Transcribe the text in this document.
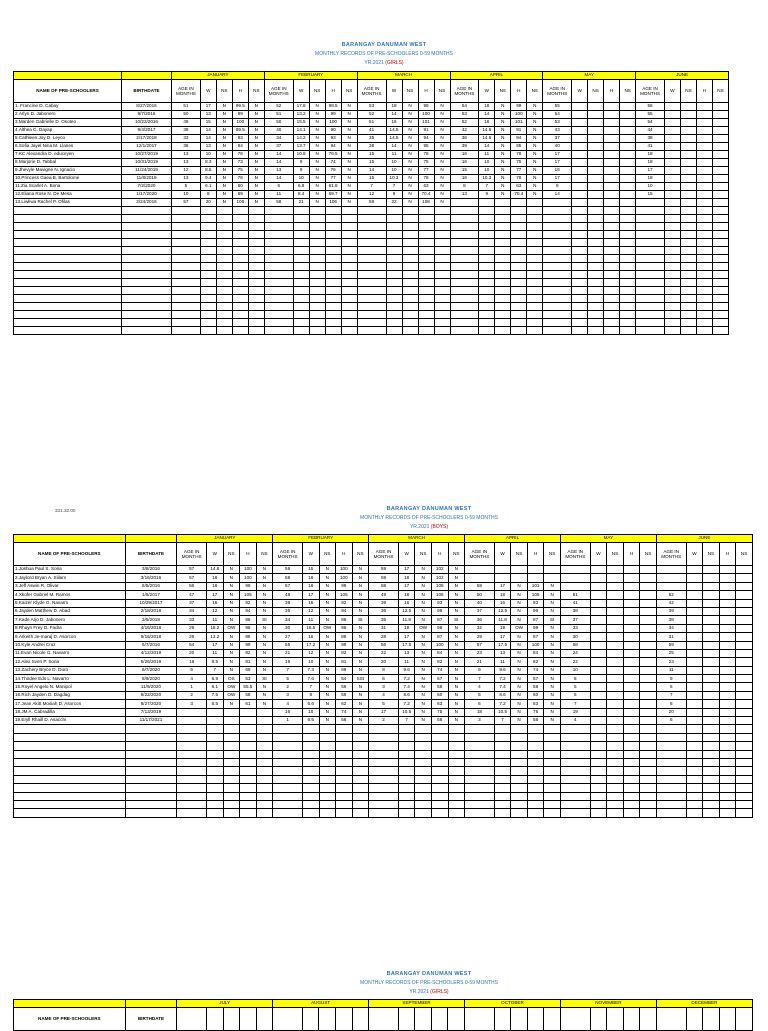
BARANGAY DANUMAN WEST
MONTHLY RECORDS OF PRE-SCHOOLERS 0-59 MONTHS
YR.2021 (GIRLS)
		JANUARY					FEBRUARY					MARCH					APRIL					MAY					JUNE				
NAME OF PRE-SCHOOLERS	BIRTHDATE	AGE IN MONTHS	W	NS	H	NS	AGE IN MONTHS	W	NS	H	NS	AGE IN MONTHS	W	NS	H	NS	AGE IN MONTHS	W	NS	H	NS	AGE IN MONTHS	W	NS	H	NS	AGE IN MONTHS	W	NS	H	NS
1. Francine D. Cabay	8/27/2016	51	17	N	99.5	N	52	17.8	N	98.5	N	53	18	N	99	N	54	18	N	99	N	55					56				
2.Arlyn D. Jabonero	9/7/2016	50	13	N	99	N	51	13.2	N	99	N	52	14	N	100	N	53	14	N	100	N	54					55				
3.Marden Gabrielle D. Osoteo	10/22/2016	49	15	N	100	N	50	15.5	N	100	N	51	16	N	101	N	52	16	N	101	N	53					54				
4.Althea C. Dayap	9/4/2017	39	14	N	89.5	N	40	14.1	N	90	N	41	14.5	N	91	N	42	14.5	N	91	N	43					44				
5.Cathleen Joy D. Leyco	2/17/2018	33	14	N	93	N	34	14.2	N	93	N	35	14.5	N	94	N	36	14.5	N	94	N	37					38				
6.Sofia Jayel Nina M. Llanes	12/1/2017	36	13	N	94	N	37	13.7	N	94	N	38	14	N	95	N	39	14	N	95	N	40					41				
7.KC Alexandra D. educeyen	10/27/2019	13	10	N	76	N	14	10.8	N	76.5	N	15	11	N	78	N	16	11	N	78	N	17					18				
8.Marjorie D. Tabbal	10/31/2019	13	8.3	N	73	N	14	9	N	74	N	15	10	N	75	N	16	10	N	75	N	17					18				
9.Jhevyle Mavigne N. Ignacio	11/24/2019	12	8.5	N	75	N	13	9	N	76	N	14	10	N	77	N	15	10	N	77	N	16					17				
10.Princess Gaea B. Bartolome	11/8/2019	13	9.4	N	76	N	14	10	N	77	N	15	10.3	N	78	N	16	10.3	N	78	N	17					18				
11.Zia Scarlet A. Bona	7/2/2020	5	6.1	N	60	N	6	6.8	N	61.8	N	7	7	N	63	N	8	7	N	63	N	9					10				
12.Eliana Rose N. De Mesa	1/17/2020	10	8	N	69	N	11	8.4	N	69.7	N	12	9	N	70.4	N	13	9	N	70.4	N	14					15				
13.Liwliwa Rachel P. Ofilas	2/24/2016	57	20	N	106	N	58	21	N	106	N	59	22	N	108	N															

331.32.00	BARANGAY DANUMAN WEST
MONTHLY RECORDS OF PRE-SCHOOLERS 0-59 MONTHS
YR.2021 (BOYS)
		JANUARY					FEBRUARY					MARCH					APRIL					MAY					JUNE				
NAME OF PRE-SCHOOLERS	BIRTHDATE	AGE IN MONTHS	W	NS	H	NS	AGE IN MONTHS	W	NS	H	NS	AGE IN MONTHS	W	NS	H	NS	AGE IN MONTHS	W	NS	H	NS	AGE IN MONTHS	W	NS	H	NS	AGE IN MONTHS	W	NS	H	NS
1.Joshua Paul S. Soria	3/8/2016	57	14.8	N	100	N	58	15	N	100	N	59	17	N	102	N															
2.Jaylord Bryan A. Siilam	3/16/2016	57	16	N	100	N	58	16	N	100	N	59	18	N	102	N															
3.Jeff Aswin R. Olivar	6/5/2016	56	16	N	99	N	57	16	N	99	N	58	17	N	105	N	59	17	N	101	N										
4.Xkofer Gabriel M. Ramos	1/5/2017	47	17	N	105	N	48	17	N	105	N	49	18	N	106	N	50	18	N	106	N	51					52				
5.Kaizer Klyde G. Navarro	10/29/2017	37	15	N	92	N	38	15	N	92	N	39	16	N	93	N	40	16	N	93	N	41					42				
6.Jayden Matthew D. Abad	2/18/2018	34	12	N	94	N	35	12	N	94	N	36	12.5	N	96	N	37	12.5	N	96	N	38					39				
7.Kade Arjo D. Jabonero	3/5/2018	33	11	N	86	St	34	11	N	86	St	35	11.8	N	87	St	36	11.8	N	87	St	37					38				
8.Rhuyn Frey D. Fadra	4/16/2018	29	18.2	OW	96	N	30	18.5	OW	96	N	31	19	OW	98	N	32	19	OW	98	N	33					34				
9.Arkeith Je-maraj D. Asorcon	9/16/2018	26	13.2	N	86	N	27	16	N	86	N	28	17	N	87	N	29	17	N	87	N	30					31				
10.Kyle Andrei Cruz	6/7/2016	54	17	N	99	N	55	17.2	N	99	N	56	17.6	N	100	N	57	17.6	N	100	N	58					59				
11.Evan Nicole G. Navarro	4/12/2019	20	11	N	82	N	21	12	N	82	N	22	13	N	84	N	23	13	N	84	N	24					25				
12.Alex Sven P. Soria	5/26/2019	18	9.5	N	81	N	19	10	N	81	N	20	11	N	82	N	21	11	N	82	N	22					23				
13.Zachery Bryce D. Duro	6/7/2020	6	7	N	69	N	7	7.3	N	69	N	8	9.6	N	74	N	9	9.6	N	74	N	10					11				
14.Thirdee Eds L. Navarro	8/9/2020	4	6.9	OS	53	St	5	7.6	N	54	SSt	6	7.2	N	67	N	7	7.2	N	67	N	8					9				
15.Royel Angelo N. Manipol	11/9/2020	1	6.1	OW	55.5	N	2	7	N	56	N	3	7.4	N	58	N	4	7.4	N	58	N	5					6				
16.Rich Jayden D. Dagdag	9/22/2020	2	7.5	OW	58	N	3	8	N	59	N	4	8.6	N	60	N	5	8.6	N	60	N	6					7				
17.Jean Akitt Mosiah D. Asorcon	8/27/2020	3	6.5	N	61	N	4	6.6	N	62	N	5	7.2	N	63	N	6	7.2	N	63	N	7					8				
18.JM A. Cabradilla	7/13/2019						16	10	N	74	N	17	10.5	N	75	N	18	10.5	N	75	N	19					20				
19.Eryll Rhaill D. Asacchi	11/17/2021						1	6.5	N	56	N	2	7	N	58	N	3	7	N	58	N	4					5				

BARANGAY DANUMAN WEST
MONTHLY RECORDS OF PRE-SCHOOLERS 0-59 MONTHS
YR.2021 (GIRLS)
		JULY					AUGUST					SEPTEMBER					OCTOBER					NOVEMBER					DECEMBER				
NAME OF PRE-SCHOOLERS	BIRTHDATE																														
